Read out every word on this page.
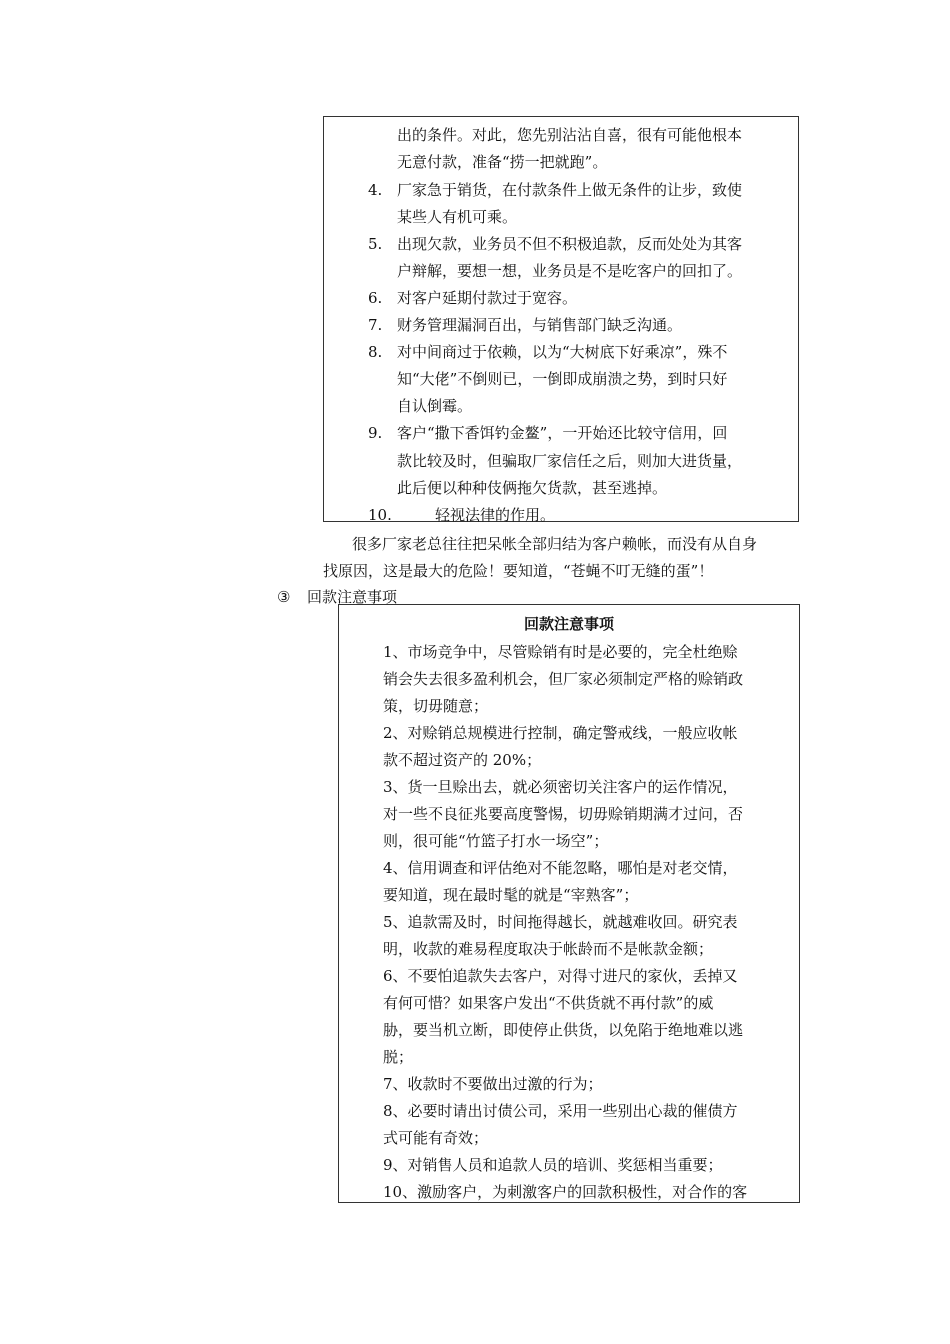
出的条件。对此，您先别沾沾自喜，很有可能他根本
无意付款，准备“捞一把就跑”。
4. 厂家急于销货，在付款条件上做无条件的让步，致使
某些人有机可乘。
5. 出现欠款，业务员不但不积极追款，反而处处为其客
户辩解，要想一想，业务员是不是吃客户的回扣了。
6. 对客户延期付款过于宽容。
7. 财务管理漏洞百出，与销售部门缺乏沟通。
8. 对中间商过于依赖，以为“大树底下好乘凉”，殊不
知“大佬”不倒则已，一倒即成崩溃之势，到时只好
自认倒霉。
9. 客户“撒下香饵钓金鳌”，一开始还比较守信用，回
款比较及时，但骗取厂家信任之后，则加大进货量，
此后便以种种伎俩拖欠货款，甚至逃掉。
10.	轻视法律的作用。
很多厂家老总往往把呆帐全部归结为客户赖帐，而没有从自身
找原因，这是最大的危险！要知道，“苍蝇不叮无缝的蛋”！
③ 回款注意事项
回款注意事项
1、市场竞争中，尽管赊销有时是必要的，完全杜绝赊
销会失去很多盈利机会，但厂家必须制定严格的赊销政
策，切毋随意；
2、对赊销总规模进行控制，确定警戒线，一般应收帐
款不超过资产的 20%；
3、货一旦赊出去，就必须密切关注客户的运作情况，
对一些不良征兆要高度警惕，切毋赊销期满才过问，否
则，很可能“竹篮子打水一场空”；
4、信用调查和评估绝对不能忽略，哪怕是对老交情，
要知道，现在最时髦的就是“宰熟客”；
5、追款需及时，时间拖得越长，就越难收回。研究表
明，收款的难易程度取决于帐龄而不是帐款金额；
6、不要怕追款失去客户，对得寸进尺的家伙，丢掉又
有何可惜？如果客户发出“不供货就不再付款”的威
胁，要当机立断，即使停止供货，以免陷于绝地难以逃
脱；
7、收款时不要做出过激的行为；
8、必要时请出讨债公司，采用一些别出心裁的催债方
式可能有奇效；
9、对销售人员和追款人员的培训、奖惩相当重要；
10、激励客户，为刺激客户的回款积极性，对合作的客
